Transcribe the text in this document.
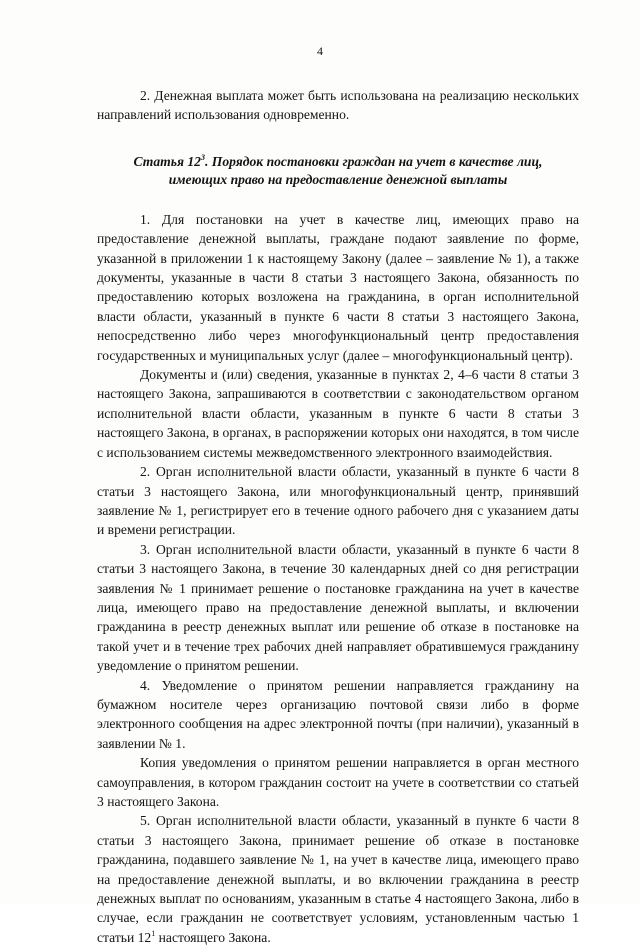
4

2. Денежная выплата может быть использована на реализацию нескольких направлений использования одновременно.

Статья $12^3$. Порядок постановки граждан на учет в качестве лиц,
имеющих право на предоставление денежной выплаты

1. Для постановки на учет в качестве лиц, имеющих право на предоставление денежной выплаты, граждане подают заявление по форме, указанной в приложении 1 к настоящему Закону (далее – заявление № 1), а также документы, указанные в части 8 статьи 3 настоящего Закона, обязанность по предоставлению которых возложена на гражданина, в орган исполнительной власти области, указанный в пункте 6 части 8 статьи 3 настоящего Закона, непосредственно либо через многофункциональный центр предоставления государственных и муниципальных услуг (далее – многофункциональный центр).

Документы и (или) сведения, указанные в пунктах 2, 4–6 части 8 статьи 3 настоящего Закона, запрашиваются в соответствии с законодательством органом исполнительной власти области, указанным в пункте 6 части 8 статьи 3 настоящего Закона, в органах, в распоряжении которых они находятся, в том числе с использованием системы межведомственного электронного взаимодействия.

2. Орган исполнительной власти области, указанный в пункте 6 части 8 статьи 3 настоящего Закона, или многофункциональный центр, принявший заявление № 1, регистрирует его в течение одного рабочего дня с указанием даты и времени регистрации.

3. Орган исполнительной власти области, указанный в пункте 6 части 8 статьи 3 настоящего Закона, в течение 30 календарных дней со дня регистрации заявления № 1 принимает решение о постановке гражданина на учет в качестве лица, имеющего право на предоставление денежной выплаты, и включении гражданина в реестр денежных выплат или решение об отказе в постановке на такой учет и в течение трех рабочих дней направляет обратившемуся гражданину уведомление о принятом решении.

4. Уведомление о принятом решении направляется гражданину на бумажном носителе через организацию почтовой связи либо в форме электронного сообщения на адрес электронной почты (при наличии), указанный в заявлении № 1.

Копия уведомления о принятом решении направляется в орган местного самоуправления, в котором гражданин состоит на учете в соответствии со статьей 3 настоящего Закона.

5. Орган исполнительной власти области, указанный в пункте 6 части 8 статьи 3 настоящего Закона, принимает решение об отказе в постановке гражданина, подавшего заявление № 1, на учет в качестве лица, имеющего право на предоставление денежной выплаты, и во включении гражданина в реестр денежных выплат по основаниям, указанным в статье 4 настоящего Закона, либо в случае, если гражданин не соответствует условиям, установленным частью 1 статьи $12^1$ настоящего Закона.
